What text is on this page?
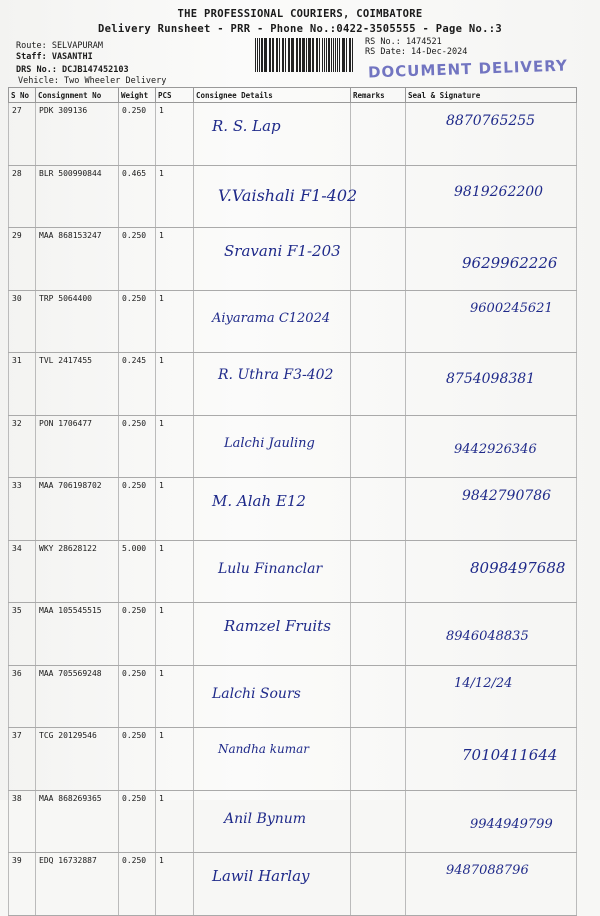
THE PROFESSIONAL COURIERS, COIMBATORE
Delivery Runsheet - PRR - Phone No.:0422-3505555 - Page No.:3
Route: SELVAPURAM
Staff: VASANTHI
DRS No.: DCJB147452103
Vehicle: Two Wheeler Delivery
RS No.: 1474521
RS Date: 14-Dec-2024
DOCUMENT DELIVERY
S No	Consignment No	Weight	PCS	Consignee Details	Remarks	Seal & Signature
27	PDK 309136	0.250	1	R. S. Lap		8870765255

28	BLR 500990844	0.465	1	V.Vaishali F1-402		9819262200

29	MAA 868153247	0.250	1	Sravani F1-203		9629962226

30	TRP 5064400	0.250	1	Aiyarama C12024		9600245621

31	TVL 2417455	0.245	1	R. Uthra F3-402		8754098381

32	PON 1706477	0.250	1	Lalchi Jauling		9442926346

33	MAA 706198702	0.250	1	M. Alah E12		9842790786

34	WKY 28628122	5.000	1	Lulu Financlar		8098497688

35	MAA 105545515	0.250	1	Ramzel Fruits		8946048835

36	MAA 705569248	0.250	1	Lalchi Sours		14/12/24

37	TCG 20129546	0.250	1	Nandha kumar		7010411644

38	MAA 868269365	0.250	1	Anil Bynum		9944949799

39	EDQ 16732887	0.250	1	Lawil Harlay		9487088796
